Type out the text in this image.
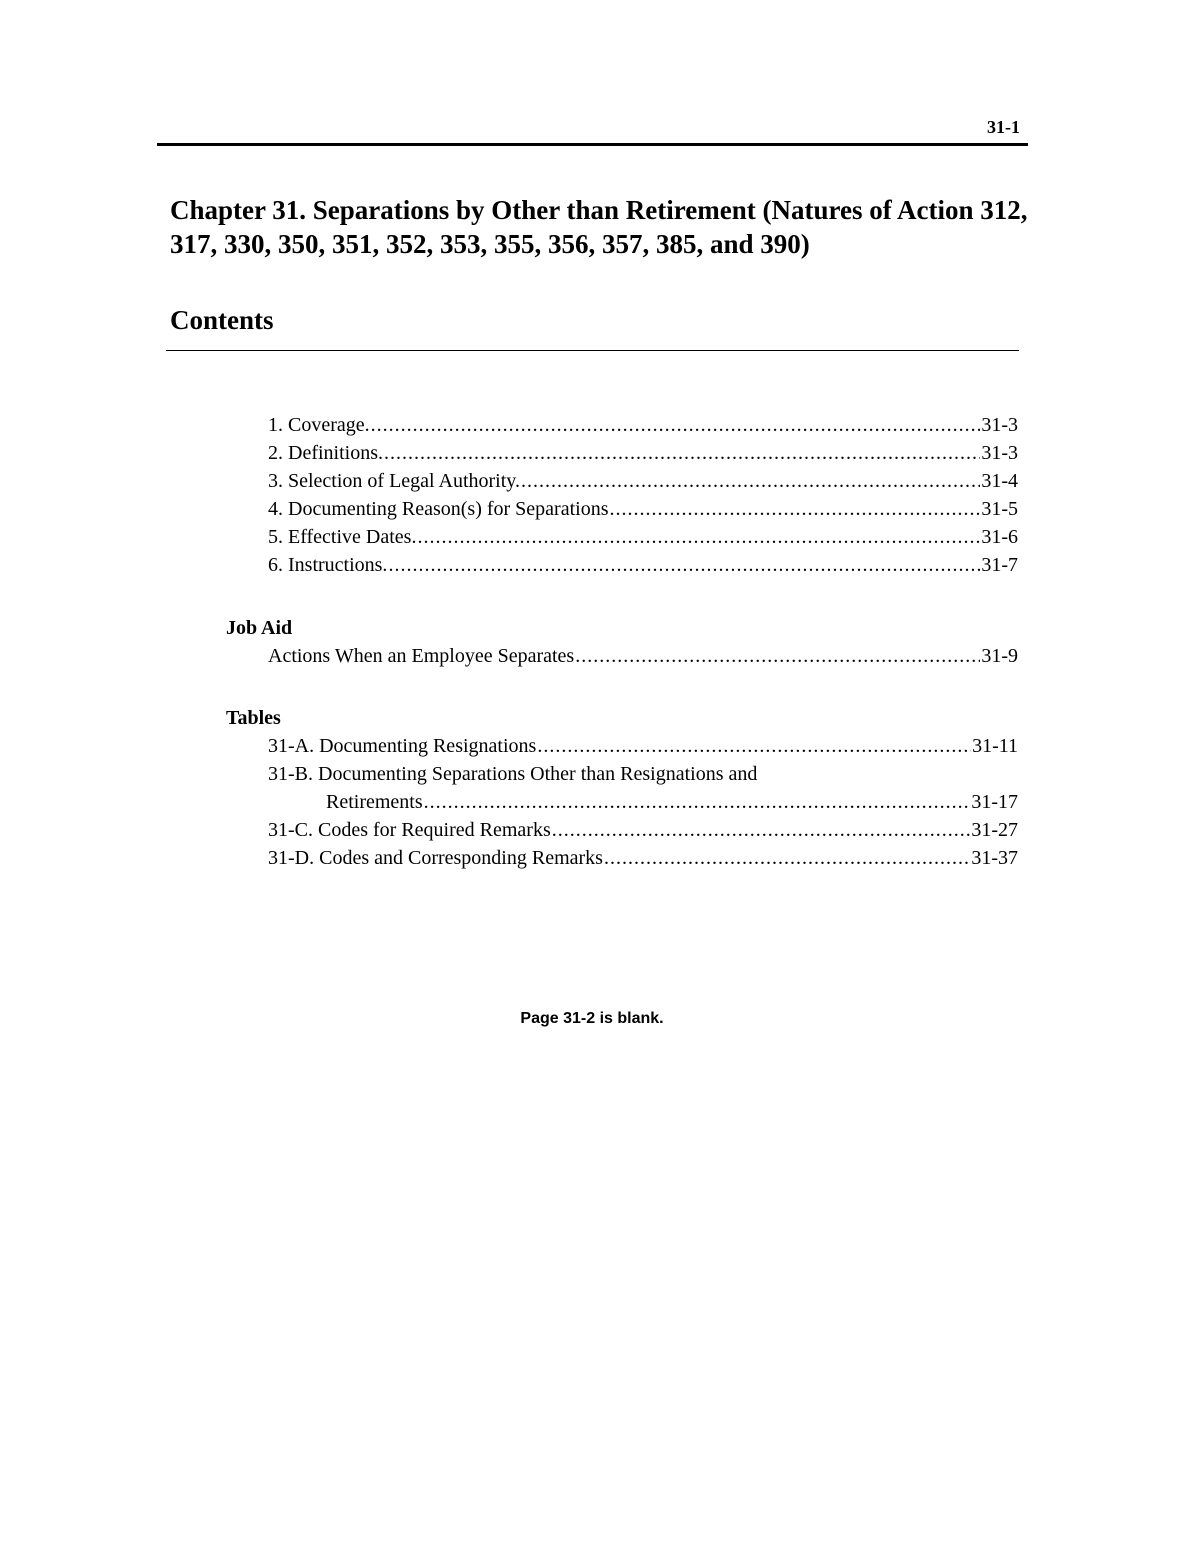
31-1
Chapter 31. Separations by Other than Retirement (Natures of Action 312, 317, 330, 350, 351, 352, 353, 355, 356, 357, 385, and 390)
Contents
1. Coverage. .....	31-3
2. Definitions. .....	31-3
3. Selection of Legal Authority. .....	31-4
4. Documenting Reason(s) for Separations .....	31-5
5. Effective Dates. .....	31-6
6. Instructions. .....	31-7
Job Aid
Actions When an Employee Separates .....	31-9
Tables
31-A. Documenting Resignations .....	31-11
31-B. Documenting Separations Other than Resignations and
Retirements .....	31-17
31-C. Codes for Required Remarks .....	31-27
31-D. Codes and Corresponding Remarks .....	31-37
Page 31-2 is blank.
